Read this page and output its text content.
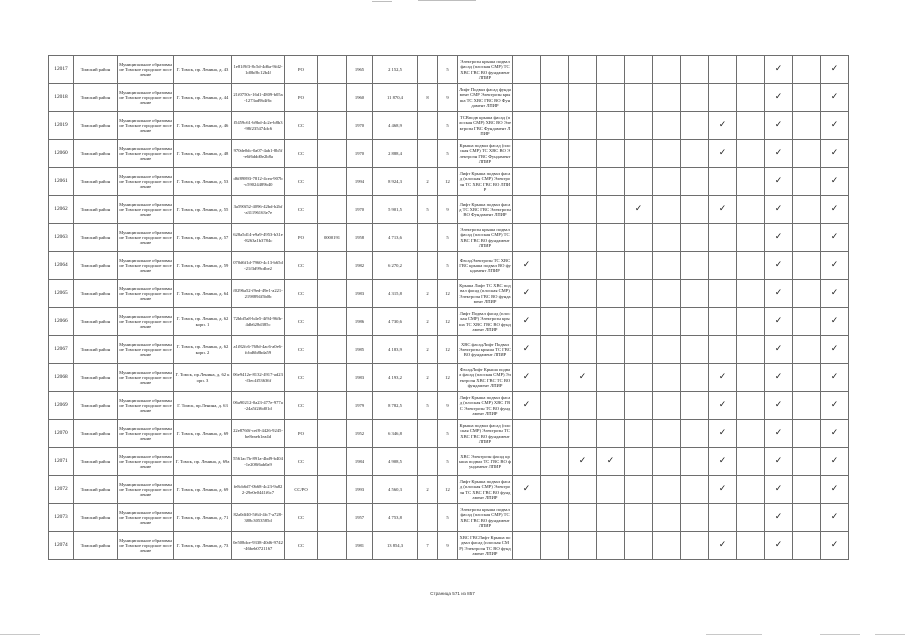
12017	Томский район	Муниципальное образование Томское городское поселение	Г. Томск, пр. Ленина, д. 43	1e81f9f3-8c5d-4d6a-9fd2-1d0bf8c12b4f	РО		1965	2 152,5		5	Электроэн крыша подвал фасад (плоская СМР) ТС ХВС ГВС ВО фундамент ЛПИР										✓		✓
12018	Томский район	Муниципальное образование Томское городское поселение	Г. Томск, пр. Ленина, д. 44	21f0750c-16d1-4809-b05a-1273ad9b4f6c	РО		1960	11 870,4	8	9	Лифт Подвал фасад фундамент СМР Электроэн крыша ТС ХВС ГВС ВО Фундамент ЛПИР										✓		✓
12019	Томский район	Муниципальное образование Томское городское поселение	Г. Томск, пр. Ленина, д. 46	f5459c61-b9bd-4c2e-b8b3-98f235474dc6	СС		1970	4 468,9		5	ТСВподв крыша фасад (плоская СМР) ХВС ВО Электроэн ГВС Фундамент ЛПИР								✓		✓		✓
12060	Томский район	Муниципальное образование Томское городское поселение	Г. Томск, пр. Ленина, д. 48	970de0dc-0a07-4ab1-8b5f-e6f6ddd0e2b8a	СС		1970	2 888,4		5	Крыша подвал фасад (плоская СМР) ТС ХВС ВО Электроэн ГВС Фундамент ЛПИР								✓		✓		✓
12061	Томский район	Муниципальное образование Томское городское поселение	Г. Томск, пр. Ленина, д. 53	d6f89893-7812-4cea-907b-c59024489b40	СС		1994	8 924,3	2	12	Лифт Крыша подвал фасад (плоская СМР) Электроэн ТС ХВС ГВС ВО ЛПИР										✓		✓
12062	Томский район	Муниципальное образование Томское городское поселение	Г. Томск, пр. Ленина, д. 55	3a590f52-4096-42bd-b2bf-a31196163e7e	СС		1970	5 901,5	5	9	Лифт Крыша подвал фасад ТС ХВС ГВС Электроэн ВО Фундамент ЛПИР					✓			✓		✓		✓
12063	Томский район	Муниципальное образование Томское городское поселение	Г. Томск, пр. Ленина, д. 57	628a5d14-e9a9-4953-b31e-8263a1b3784c	РО	0000191	1958	4 713,6		5	Электроэн крыша подвал фасад (плоская СМР) ТС ХВС ГВС ВО фундамент ЛПИР										✓		✓
12064	Томский район	Муниципальное образование Томское городское поселение	Г. Томск, пр. Ленина, д. 59	070d6f1d-7960-4c13-b65d-21f3d99cdbe2	СС		1982	6 270,2		5	ФасадЭлектроэн ТС ХВС ГВС крыша подвал ВО фундамент ЛПИР	✓									✓		✓
12065	Томский район	Муниципальное образование Томское городское поселение	Г. Томск, пр. Ленина, д. 64	f0296a52-f9ed-49e1-a221-2198894f5b0b	СС		1983	4 315,8	2	12	Крыша Лифт ТС ХВС подвал фасад (плоская СМР) Электроэн ГВС ВО фундамент ЛПИР	✓									✓		✓
12066	Томский район	Муниципальное образование Томское городское поселение	Г. Томск, пр. Ленина, д. 62 корп. 1	72bbf5a8-b4e5-4f94-96fb-4db628d385c	СС		1986	4 730,6	2	12	Лифт Подвал фасад (плоская СМР) Электроэн крыша ТС ХВС ГВС ВО фундамент ЛПИР	✓									✓		✓
12067	Томский район	Муниципальное образование Томское городское поселение	Г. Томск, пр. Ленина, д. 62 корп. 2	a1f82fc6-768d-4ac6-a0e6-fcbd6b8bda59	СС		1985	4 183,9	2	12	ХВС фасадЛифт Подвал Электроэн крыша ТС ГВС ВО фундамент ЛПИР	✓									✓		✓
12068	Томский район	Муниципальное образование Томское городское поселение	Г. Томск, пр.Ленина, д. 62 корп. 3	06e9412e-8132-4917-ad23-f3ec4f53636f	СС		1983	4 193,2	2	12	ФасадЛифт Крыша подвал фасад (плоская СМР) Электроэн ХВС ГВС ТС ВО фундамент ЛПИР	✓		✓					✓		✓		✓
12069	Томский район	Муниципальное образование Томское городское поселение	Г. Томск, пр.Ленина, д. 63	06a90212-0a23-477e-977a-24a5f2f6d01d	СС		1979	8 782,5	5	9	Лифт Крыша подвал фасад (плоская СМР) ХВС ГВС Электроэн ТС ВО фундамент ЛПИР	✓							✓		✓		✓
12070	Томский район	Муниципальное образование Томское городское поселение	Г. Томск, пр. Ленина, д. 69	22e8760f-cef8-4426-9245-be8eaeb1ea4d	РО		1952	6 346,8		5	Крыша подвал фасад (плоская СМР) Электроэн ТС ХВС ГВС ВО фундамент ЛПИР								✓		✓		✓
12071	Томский район	Муниципальное образование Томское городское поселение	Г. Томск, пр. Ленина, д. 69а	5561ac7b-891a-4bd9-b404-1e208f6ab0a9	СС		1984	4 908,5		5	ХВС Электроэн фасад крыша подвал ТС ГВС ВО фундамент ЛПИР			✓	✓				✓		✓		✓
12072	Томский район	Муниципальное образование Томское городское поселение	Г. Томск, пр. Ленина, д. 69	fe8cb6d7-0b68-4c23-9a822-29e0e0441f6c7	СС/РО		1993	4 560,3	2	12	Лифт Крыша подвал фасад (плоская СМР) Электроэн ТС ХВС ГВС ВО фундамент ЛПИР	✓							✓		✓		✓
12073	Томский район	Муниципальное образование Томское городское поселение	Г. Томск, пр. Ленина, д. 71	82a0df40-5f64-4fc7-a728-388c3053585d	СС		1957	4 753,8		5	Электроэн крыша подвал фасад (плоская СМР) ТС ХВС ГВС ВО фундамент ЛПИР										✓		✓
12074	Томский район	Муниципальное образование Томское городское поселение	Г. Томск, пр. Ленина, д. 73	0e508dce-9338-40d6-9742-46beb0721167	СС		1981	13 854,3	7	9	ХВС ГВСЛифт Крыша подвал фасад (плоская СМР) Электроэн ТС ВО фундамент ЛПИР								✓		✓		✓
Страница 571 из 857
